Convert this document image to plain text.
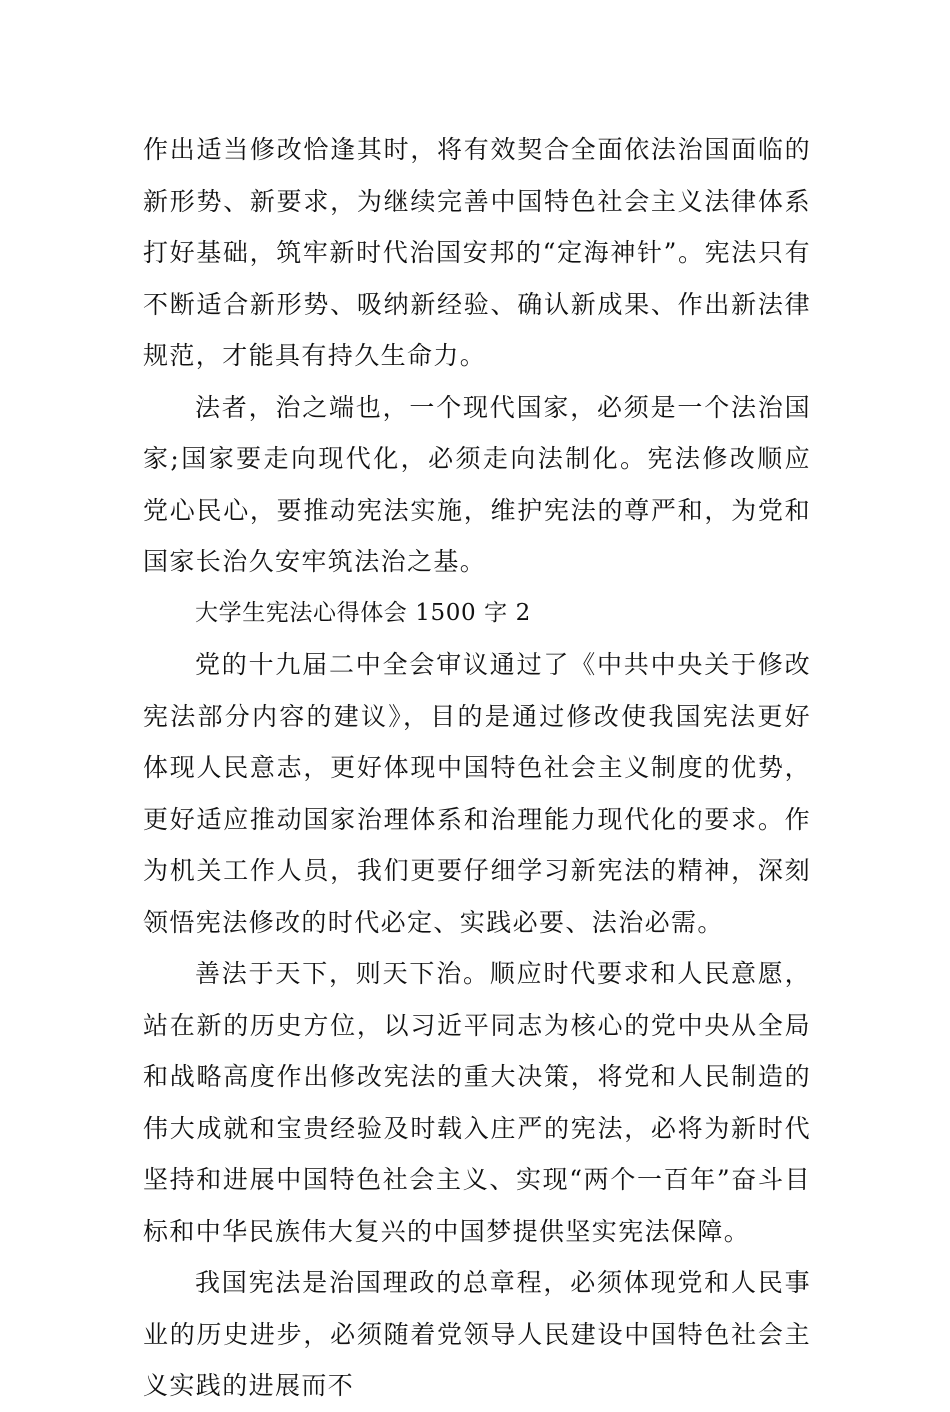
作出适当修改恰逢其时，将有效契合全面依法治国面临的新形势、新要求，为继续完善中国特色社会主义法律体系打好基础，筑牢新时代治国安邦的“定海神针”。宪法只有不断适合新形势、吸纳新经验、确认新成果、作出新法律规范，才能具有持久生命力。

法者，治之端也，一个现代国家，必须是一个法治国家;国家要走向现代化，必须走向法制化。宪法修改顺应党心民心，要推动宪法实施，维护宪法的尊严和，为党和国家长治久安牢筑法治之基。

大学生宪法心得体会 1500 字 2

党的十九届二中全会审议通过了《中共中央关于修改宪法部分内容的建议》，目的是通过修改使我国宪法更好体现人民意志，更好体现中国特色社会主义制度的优势，更好适应推动国家治理体系和治理能力现代化的要求。作为机关工作人员，我们更要仔细学习新宪法的精神，深刻领悟宪法修改的时代必定、实践必要、法治必需。

善法于天下，则天下治。顺应时代要求和人民意愿，站在新的历史方位，以习近平同志为核心的党中央从全局和战略高度作出修改宪法的重大决策，将党和人民制造的伟大成就和宝贵经验及时载入庄严的宪法，必将为新时代坚持和进展中国特色社会主义、实现“两个一百年”奋斗目标和中华民族伟大复兴的中国梦提供坚实宪法保障。

我国宪法是治国理政的总章程，必须体现党和人民事业的历史进步，必须随着党领导人民建设中国特色社会主义实践的进展而不
